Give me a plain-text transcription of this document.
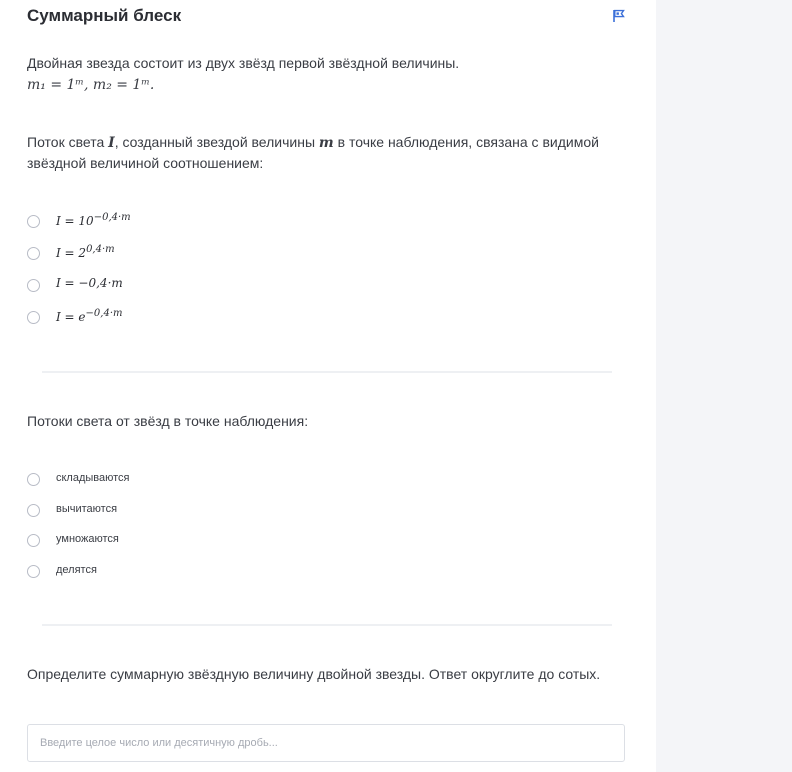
Суммарный блеск
Двойная звезда состоит из двух звёзд первой звёздной величины.
m₁ = 1ᵐ, m₂ = 1ᵐ.
Поток света I, созданный звездой величины m в точке наблюдения, связана с видимой звёздной величиной соотношением:
$I = 10^{-0,4\cdot m}$
$I = 2^{0,4\cdot m}$
I = −0,4·m
$I = e^{-0,4\cdot m}$
Потоки света от звёзд в точке наблюдения:
складываются
вычитаются
умножаются
делятся
Определите суммарную звёздную величину двойной звезды. Ответ округлите до сотых.
Введите целое число или десятичную дробь...
